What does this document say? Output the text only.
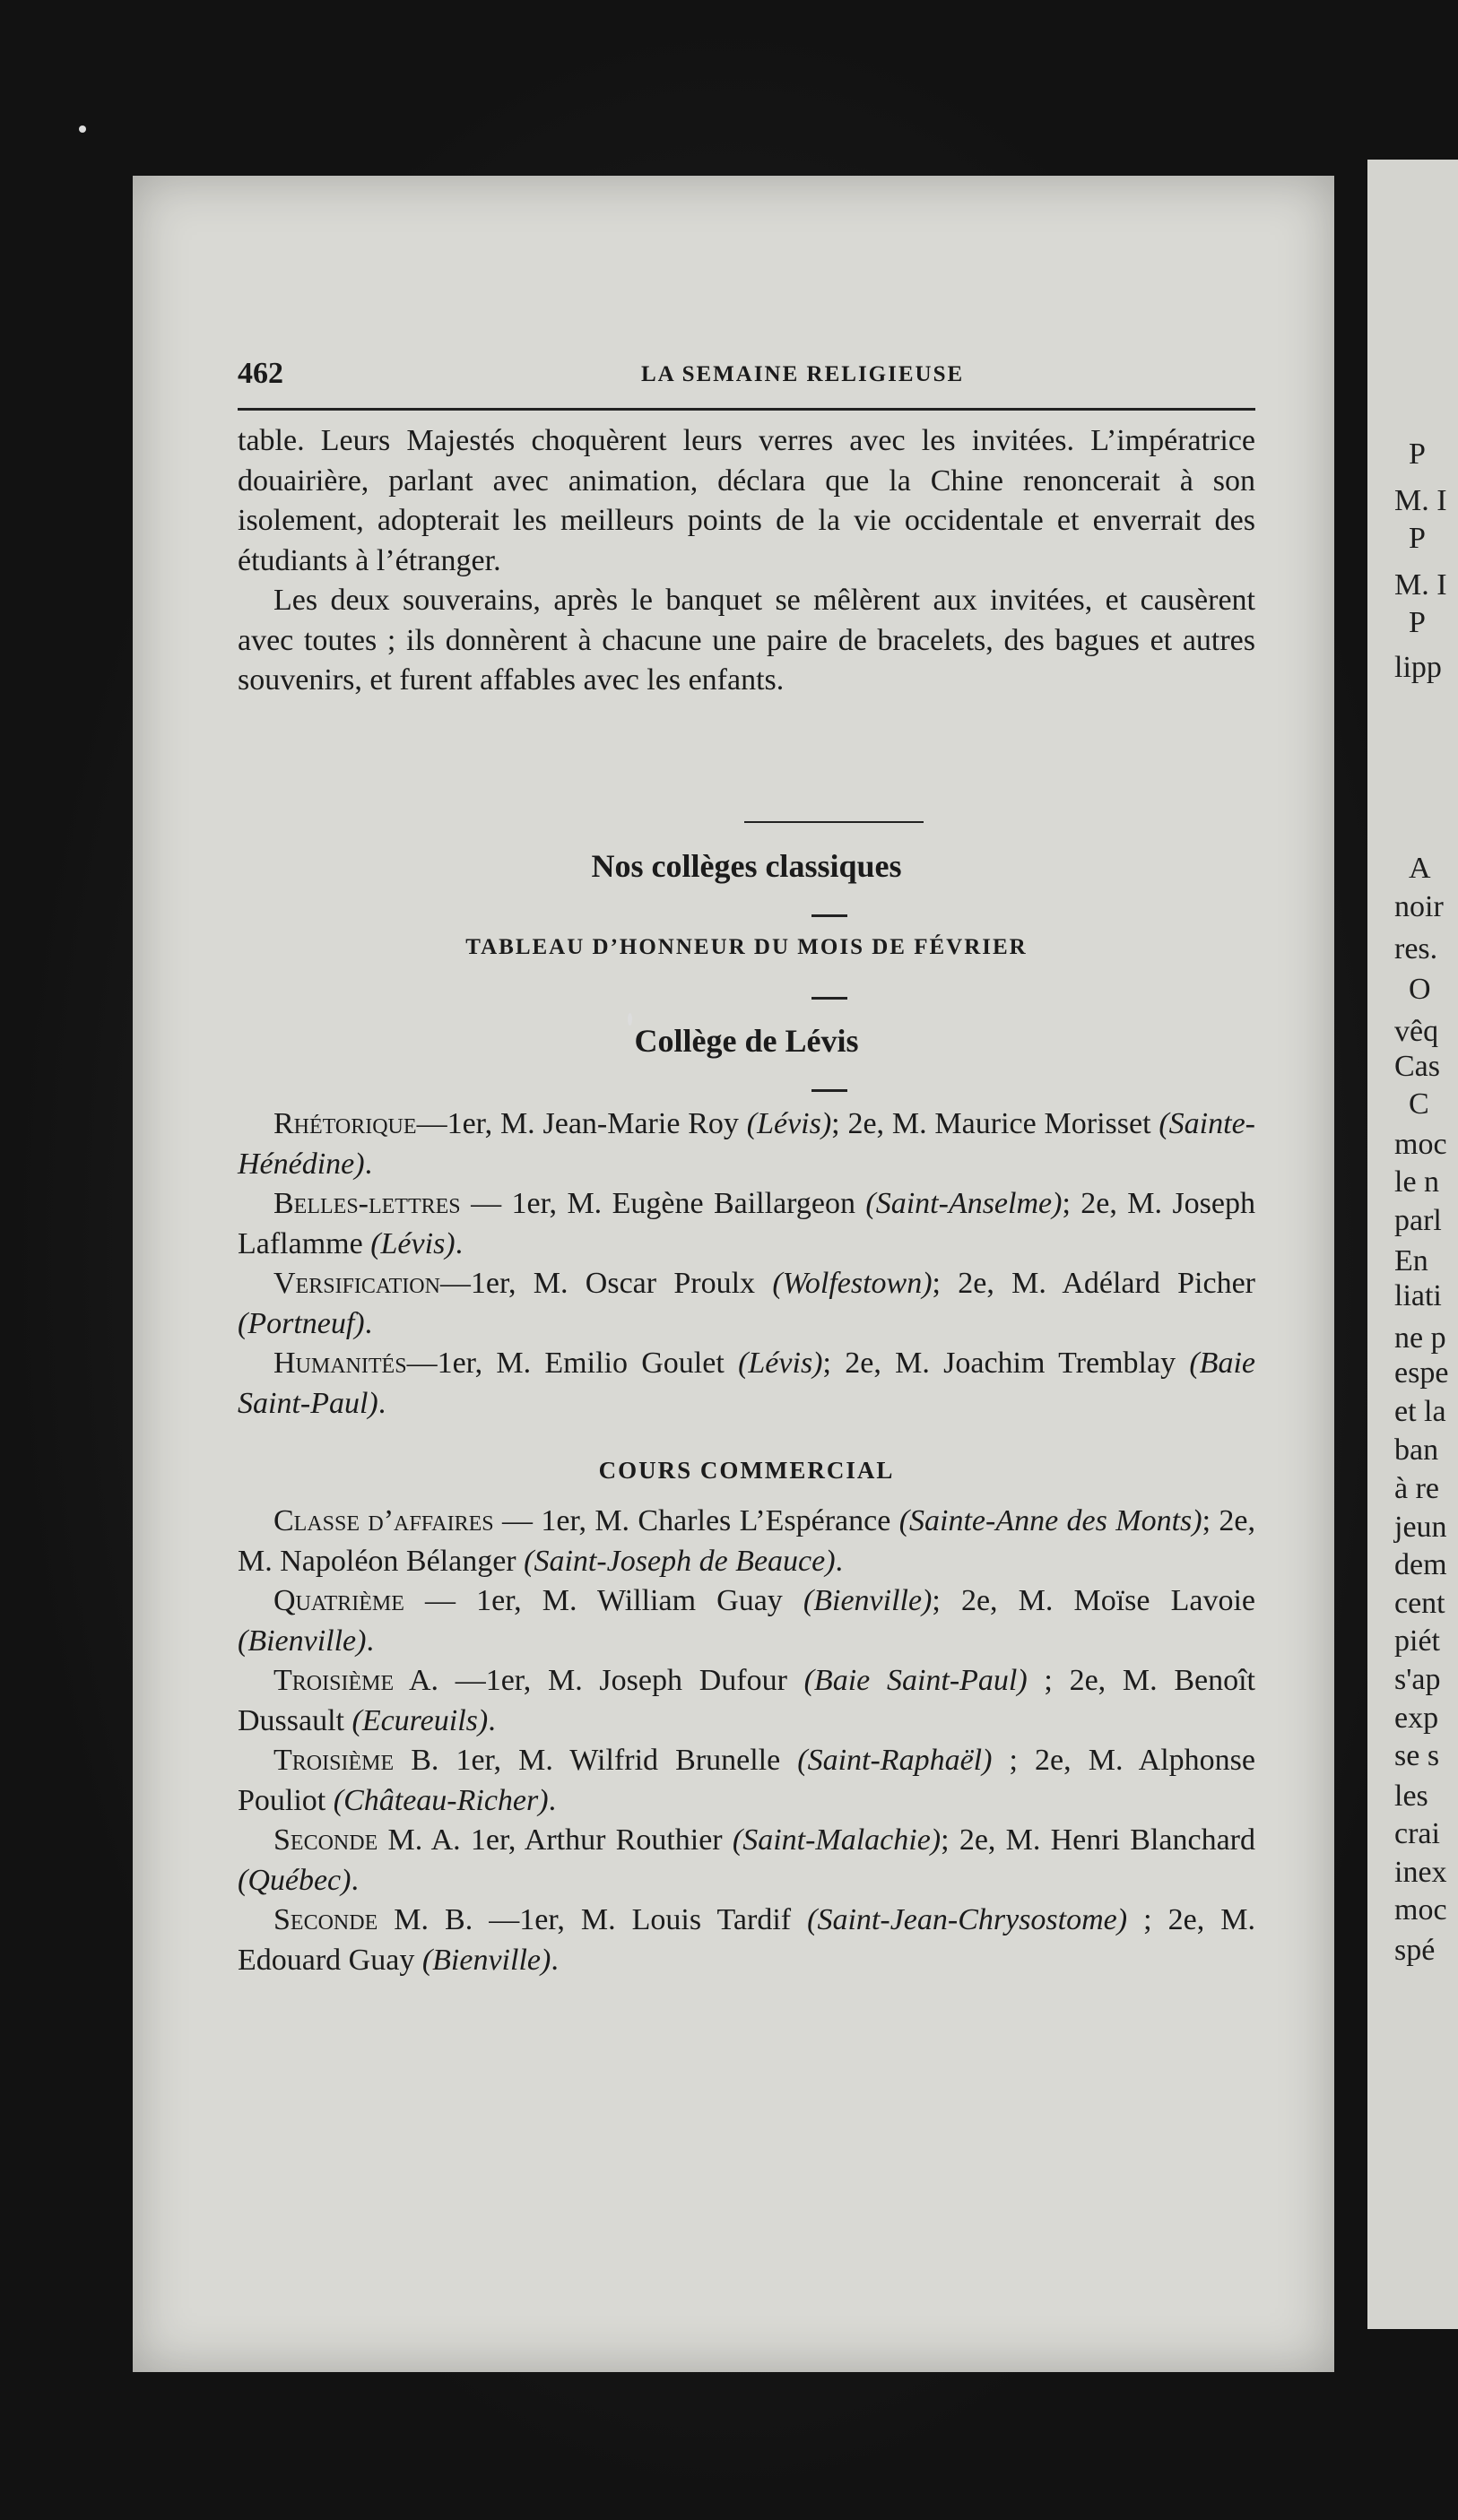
P
M. I
P
M. I
P
lipp
A
noir
res.
O
vêq
Cas
C
moc
le n
parl
En
liati
ne p
espe
et la
ban
à re
jeun
dem
cent
piét
s'ap
exp
se s
les
crai
inex
moc
spé
462	LA SEMAINE RELIGIEUSE

table. Leurs Majestés choquèrent leurs verres avec les invitées. L’impératrice douairière, parlant avec animation, déclara que la Chine renoncerait à son isolement, adopterait les meilleurs points de la vie occidentale et enverrait des étudiants à l’étranger.

Les deux souverains, après le banquet se mêlèrent aux invitées, et causèrent avec toutes ; ils donnèrent à chacune une paire de bracelets, des bagues et autres souvenirs, et furent affables avec les enfants.

Nos collèges classiques
TABLEAU D’HONNEUR DU MOIS DE FÉVRIER
Collège de Lévis

Rhétorique—1er, M. Jean-Marie Roy (Lévis); 2e, M. Maurice Morisset (Sainte-Hénédine).

Belles-lettres — 1er, M. Eugène Baillargeon (Saint-Anselme); 2e, M. Joseph Laflamme (Lévis).

Versification—1er, M. Oscar Proulx (Wolfestown); 2e, M. Adélard Picher (Portneuf).

Humanités—1er, M. Emilio Goulet (Lévis); 2e, M. Joachim Tremblay (Baie Saint-Paul).

COURS COMMERCIAL

Classe d’affaires — 1er, M. Charles L’Espérance (Sainte-Anne des Monts); 2e, M. Napoléon Bélanger (Saint-Joseph de Beauce).

Quatrième — 1er, M. William Guay (Bienville); 2e, M. Moïse Lavoie (Bienville).

Troisième A. —1er, M. Joseph Dufour (Baie Saint-Paul) ; 2e, M. Benoît Dussault (Ecureuils).

Troisième B. 1er, M. Wilfrid Brunelle (Saint-Raphaël) ; 2e, M. Alphonse Pouliot (Château-Richer).

Seconde M. A. 1er, Arthur Routhier (Saint-Malachie); 2e, M. Henri Blanchard (Québec).

Seconde M. B. —1er, M. Louis Tardif (Saint-Jean-Chrysostome) ; 2e, M. Edouard Guay (Bienville).
